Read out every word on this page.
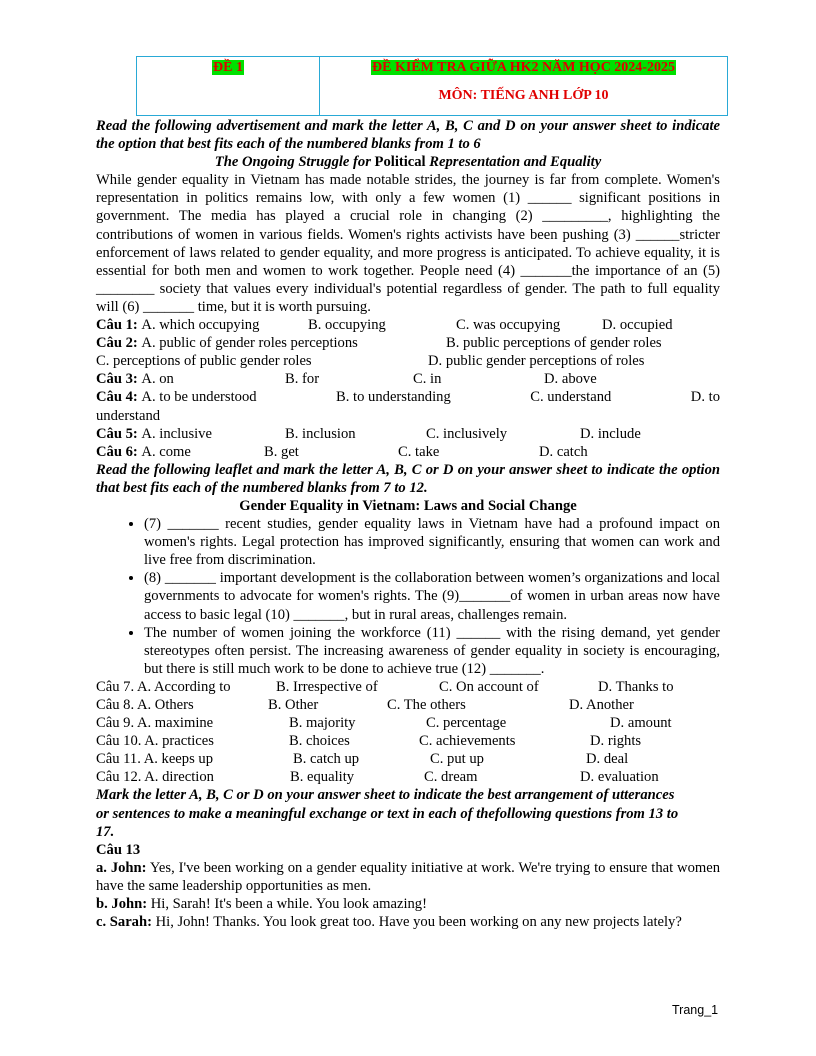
ĐỀ 1	ĐỀ KIỂM TRA GIỮA HK2 NĂM HỌC 2024-2025
MÔN: TIẾNG ANH LỚP 10

Read the following advertisement and mark the letter A, B, C and D on your answer sheet to indicate the option that best fits each of the numbered blanks from 1 to 6

The Ongoing Struggle for Political Representation and Equality

While gender equality in Vietnam has made notable strides, the journey is far from complete. Women's representation in politics remains low, with only a few women (1) ______ significant positions in government. The media has played a crucial role in changing (2) _________, highlighting the contributions of women in various fields. Women's rights activists have been pushing (3) ______stricter enforcement of laws related to gender equality, and more progress is anticipated. To achieve equality, it is essential for both men and women to work together. People need (4) _______the importance of an (5) ________ society that values every individual's potential regardless of gender. The path to full equality will (6) _______ time, but it is worth pursuing.

Câu 1: A. which occupying	B. occupying	C. was occupying	D. occupied
Câu 2: A. public of gender roles perceptions	B. public perceptions of gender roles
C. perceptions of public gender roles	D. public gender perceptions of roles
Câu 3: A. on	B. for	C. in	D. above
Câu 4: A. to be understood	B. to understanding	C. understand	D. to

understand

Câu 5: A. inclusive	B. inclusion	C. inclusively	D. include
Câu 6: A. come	B. get	C. take	D. catch

Read the following leaflet and mark the letter A, B, C or D on your answer sheet to indicate the option that best fits each of the numbered blanks from 7 to 12.

Gender Equality in Vietnam: Laws and Social Change

• (7) _______ recent studies, gender equality laws in Vietnam have had a profound impact on women's rights. Legal protection has improved significantly, ensuring that women can work and live free from discrimination.
• (8) _______ important development is the collaboration between women’s organizations and local governments to advocate for women's rights. The (9)_______of women in urban areas now have access to basic legal (10) _______, but in rural areas, challenges remain.
• The number of women joining the workforce (11) ______ with the rising demand, yet gender stereotypes often persist. The increasing awareness of gender equality in society is encouraging, but there is still much work to be done to achieve true (12) _______.
Câu 7. A. According to	B. Irrespective of	C. On account of	D. Thanks to
Câu 8. A. Others	B. Other	C. The others	D. Another
Câu 9. A. maximine	B. majority	C. percentage	D. amount
Câu 10. A. practices	B. choices	C. achievements	D. rights
Câu 11. A. keeps up	B. catch up	C. put up	D. deal
Câu 12. A. direction	B. equality	C. dream	D. evaluation

Mark the letter A, B, C or D on your answer sheet to indicate the best arrangement of utterances or sentences to make a meaningful exchange or text in each of thefollowing questions from 13 to 17.

Câu 13

a. John: Yes, I've been working on a gender equality initiative at work. We're trying to ensure that women have the same leadership opportunities as men.

b. John: Hi, Sarah! It's been a while. You look amazing!

c. Sarah: Hi, John! Thanks. You look great too. Have you been working on any new projects lately?

Trang_1
